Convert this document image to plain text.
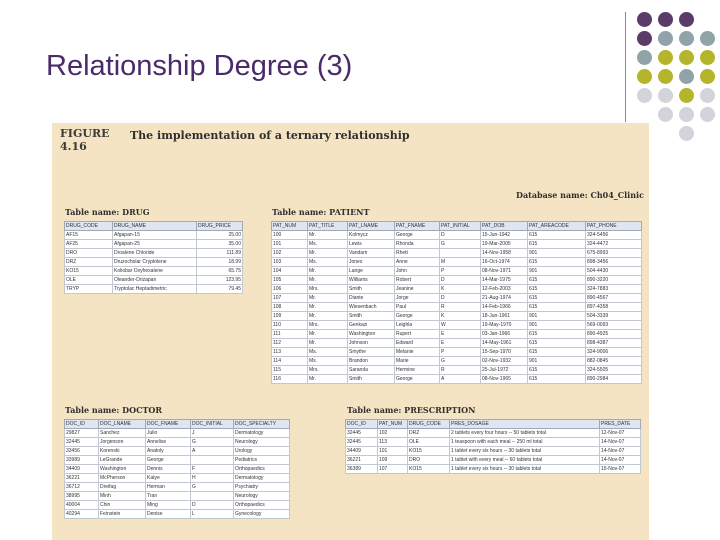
Relationship Degree (3)
FIGURE
4.16
The implementation of a ternary relationship
Database name: Ch04_Clinic
Table name: DRUG
DRUG_CODE	DRUG_NAME	DRUG_PRICE
AF15	Afgapan-15	25.00
AF25	Afgapan-25	35.00
DRO	Droalene Chloride	111.89
DRZ	Druzocholar Cryptolene	18.99
KO15	Koliobar Oxyhexalene	65.75
OLE	Oleander-Drizapan	123.95
TRYP	Tryptolac Heptadimetric	79.45
Table name: PATIENT
PAT_NUM	PAT_TITLE	PAT_LNAME	PAT_FNAME	PAT_INITIAL	PAT_DOB	PAT_AREACODE	PAT_PHONE
100	Mr.	Kolmycz	George	D	15-Jun-1942	615	324-5456
101	Ms.	Lewis	Rhonda	G	19-Mar-2005	615	324-4472
102	Mr.	Vandam	Rhett		14-Nov-1958	901	675-8993
103	Ms.	Jones	Anne	M	16-Oct-1974	615	898-3456
104	Mr.	Lange	John	P	08-Nov-1971	901	504-4430
105	Mr.	Williams	Robert	D	14-Mar-1975	615	890-3220
106	Mrs.	Smith	Jeanine	K	12-Feb-2003	615	324-7883
107	Mr.	Diante	Jorge	D	21-Aug-1974	615	890-4567
108	Mr.	Wiesenbach	Paul	R	14-Feb-1966	615	897-4358
109	Mr.	Smith	George	K	18-Jun-1961	901	504-3339
110	Mrs.	Genkazi	Leighla	W	19-May-1970	901	569-0093
111	Mr.	Washington	Rupert	E	03-Jan-1966	615	890-4925
112	Mr.	Johnson	Edward	E	14-May-1961	615	898-4387
113	Ms.	Smythe	Melanie	P	15-Sep-1970	615	324-9006
114	Ms.	Brandon	Marie	G	02-Nov-1932	901	882-0845
115	Mrs.	Saranda	Hermine	R	25-Jul-1972	615	324-5505
116	Mr.	Smith	George	A	08-Nov-1965	615	890-2984
Table name: DOCTOR
DOC_ID	DOC_LNAME	DOC_FNAME	DOC_INITIAL	DOC_SPECIALTY
29827	Sanchez	Julio	J	Dermatology
32445	Jorgenson	Annelise	G	Neurology
33456	Korenski	Anatoly	A	Urology
33989	LeGrande	George		Pediatrics
34409	Washington	Dennis	F	Orthopaedics
36221	McPherson	Katye	H	Dermatology
36712	Dreifag	Herman	G	Psychiatry
38995	Minh	Tran		Neurology
40004	Chin	Ming	D	Orthopaedics
40294	Feinstein	Denise	L	Gynecology
Table name: PRESCRIPTION
DOC_ID	PAT_NUM	DRUG_CODE	PRES_DOSAGE	PRES_DATE
32445	102	DRZ	2 tablets every four hours -- 50 tablets total	12-Nov-07
32445	113	OLE	1 teaspoon with each meal -- 250 ml total	14-Nov-07
34409	101	KO15	1 tablet every six hours -- 30 tablets total	14-Nov-07
36221	109	DRO	1 tablet with every meal -- 60 tablets total	14-Nov-07
36389	107	KO15	1 tablet every six hours -- 30 tablets total	15-Nov-07
